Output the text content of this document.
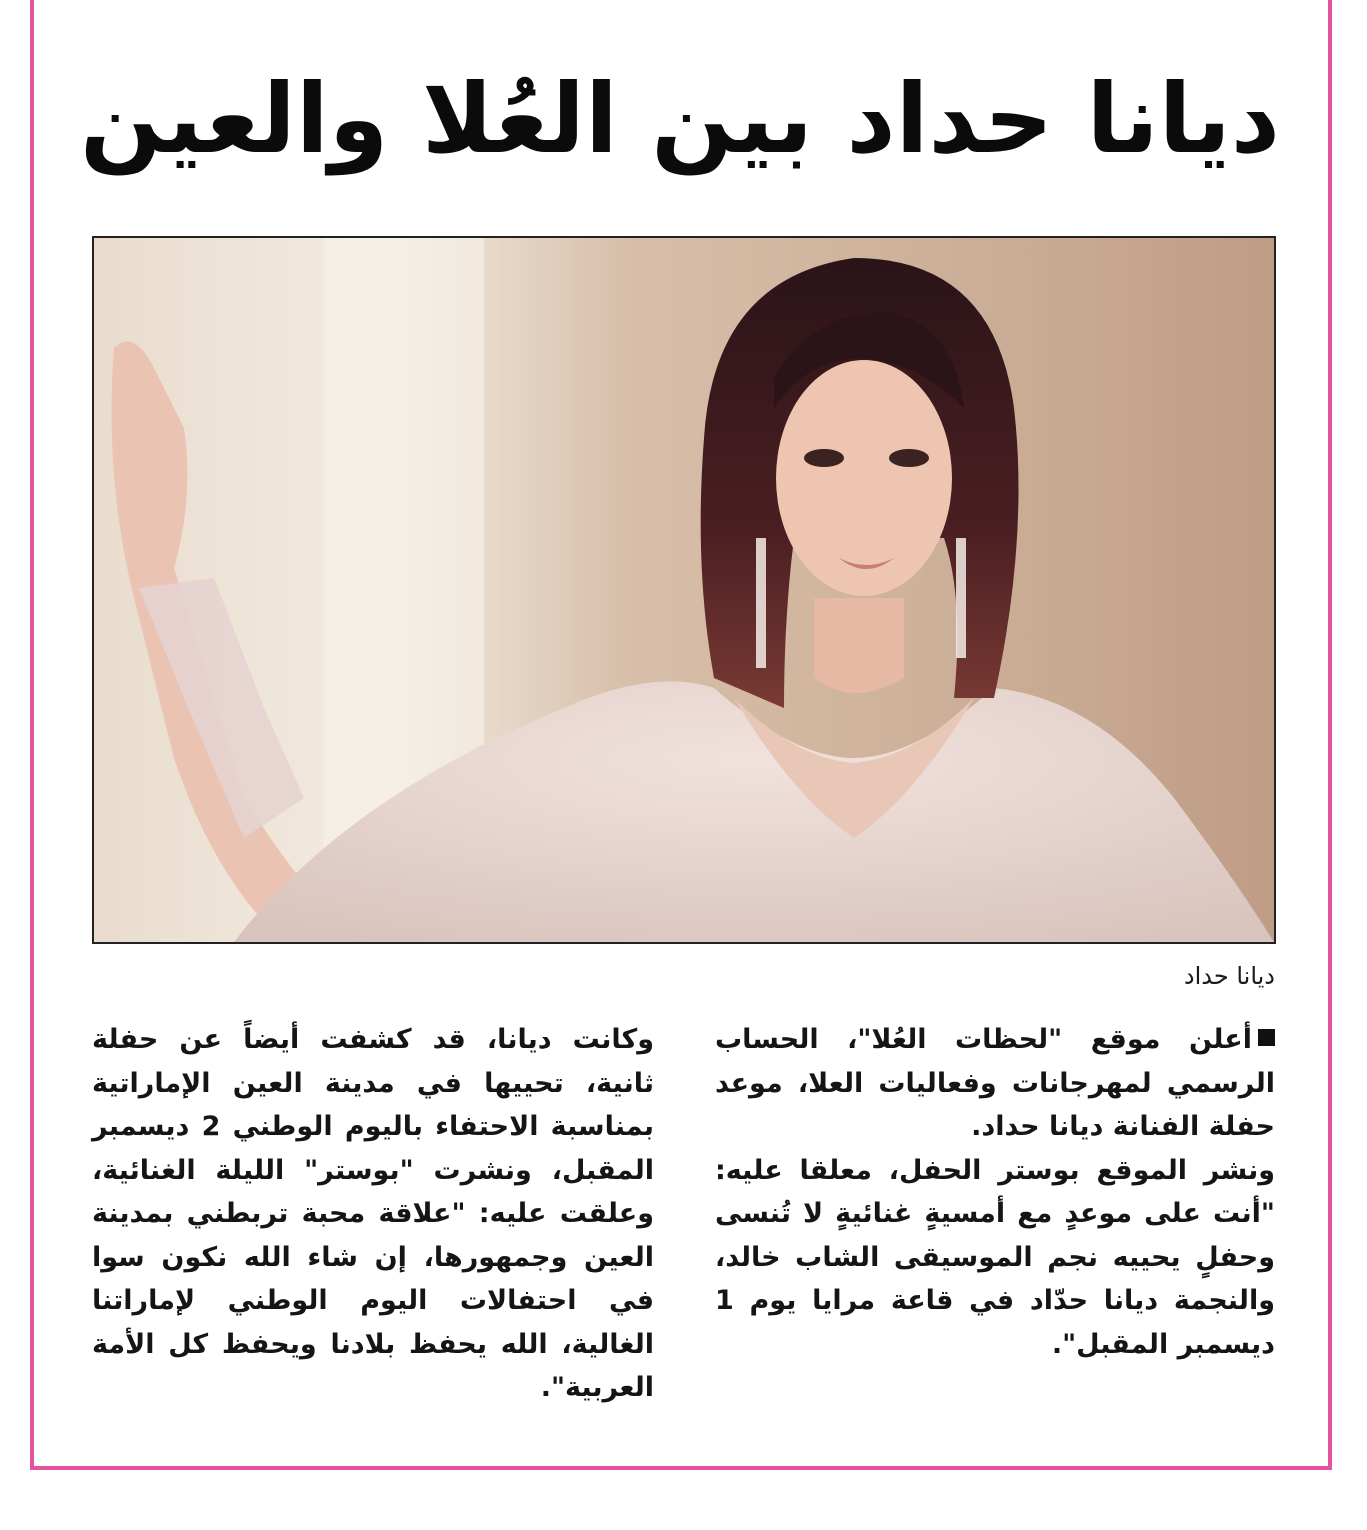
ديانا حداد بين العُلا والعين
ديانا حداد

أعلن موقع "لحظات العُلا"، الحساب الرسمي لمهرجانات وفعاليات العلا، موعد حفلة الفنانة ديانا حداد.

ونشر الموقع بوستر الحفل، معلقا عليه: "أنت على موعدٍ مع أمسيةٍ غنائيةٍ لا تُنسى وحفلٍ يحييه نجم الموسيقى الشاب خالد، والنجمة ديانا حدّاد في قاعة مرايا يوم 1 ديسمبر المقبل".

وكانت ديانا، قد كشفت أيضاً عن حفلة ثانية، تحييها في مدينة العين الإماراتية بمناسبة الاحتفاء باليوم الوطني 2 ديسمبر المقبل، ونشرت "بوستر" الليلة الغنائية، وعلقت عليه: "علاقة محبة تربطني بمدينة العين وجمهورها، إن شاء الله نكون سوا في احتفالات اليوم الوطني لإماراتنا الغالية، الله يحفظ بلادنا ويحفظ كل الأمة العربية".
